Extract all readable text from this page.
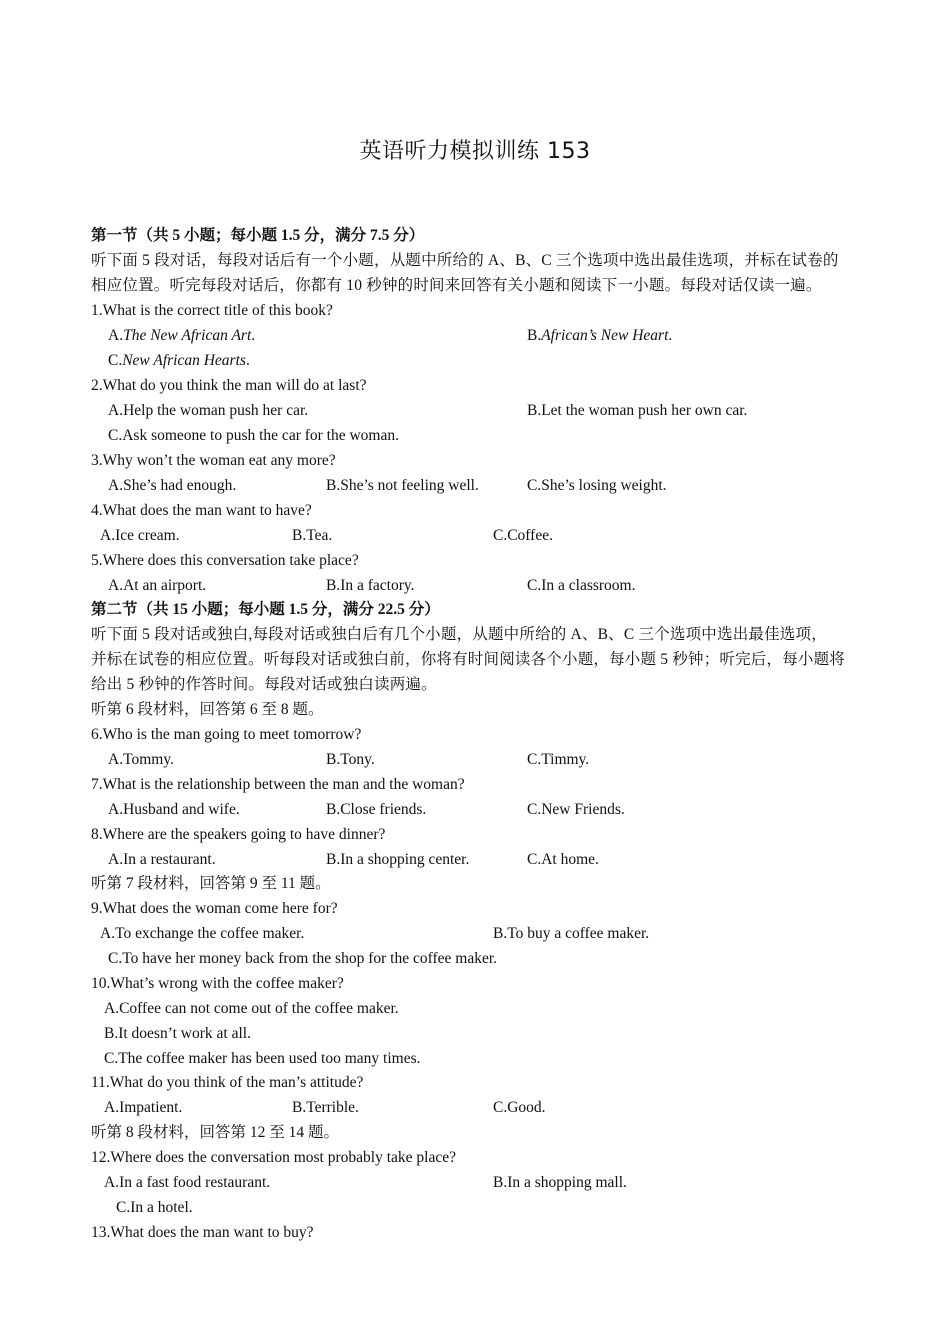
英语听力模拟训练 153
第一节（共 5 小题；每小题 1.5 分，满分 7.5 分）
听下面 5 段对话，每段对话后有一个小题，从题中所给的 A、B、C 三个选项中选出最佳选项，并标在试卷的
相应位置。听完每段对话后，你都有 10 秒钟的时间来回答有关小题和阅读下一小题。每段对话仅读一遍。
1.What is the correct title of this book?
A.The New African Art.	B.African’s New Heart.
C.New African Hearts.
2.What do you think the man will do at last?
A.Help the woman push her car.	B.Let the woman push her own car.
C.Ask someone to push the car for the woman.
3.Why won’t the woman eat any more?
A.She’s had enough.	B.She’s not feeling well.	C.She’s losing weight.
4.What does the man want to have?
A.Ice cream.	B.Tea.	C.Coffee.
5.Where does this conversation take place?
A.At an airport.	B.In a factory.	C.In a classroom.
第二节（共 15 小题；每小题 1.5 分，满分 22.5 分）
听下面 5 段对话或独白,每段对话或独白后有几个小题，从题中所给的 A、B、C 三个选项中选出最佳选项，
并标在试卷的相应位置。听每段对话或独白前，你将有时间阅读各个小题，每小题 5 秒钟；听完后，每小题将
给出 5 秒钟的作答时间。每段对话或独白读两遍。
听第 6 段材料，回答第 6 至 8 题。
6.Who is the man going to meet tomorrow?
A.Tommy.	B.Tony.	C.Timmy.
7.What is the relationship between the man and the woman?
A.Husband and wife.	B.Close friends.	C.New Friends.
8.Where are the speakers going to have dinner?
A.In a restaurant.	B.In a shopping center.	C.At home.
听第 7 段材料，回答第 9 至 11 题。
9.What does the woman come here for?
A.To exchange the coffee maker.	B.To buy a coffee maker.
C.To have her money back from the shop for the coffee maker.
10.What’s wrong with the coffee maker?
A.Coffee can not come out of the coffee maker.
B.It doesn’t work at all.
C.The coffee maker has been used too many times.
11.What do you think of the man’s attitude?
A.Impatient.	B.Terrible.	C.Good.
听第 8 段材料，回答第 12 至 14 题。
12.Where does the conversation most probably take place?
A.In a fast food restaurant.	B.In a shopping mall.
C.In a hotel.
13.What does the man want to buy?
